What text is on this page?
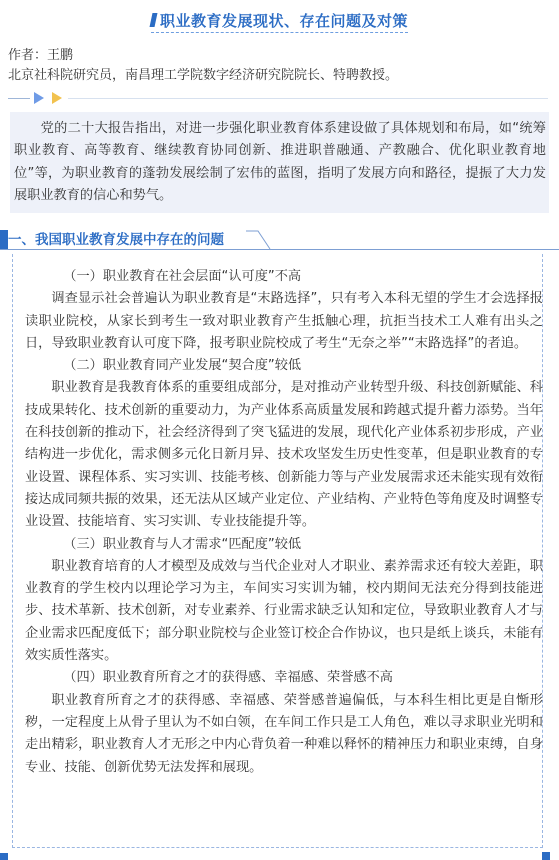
职业教育发展现状、存在问题及对策
作者：王鹏
北京社科院研究员，南昌理工学院数字经济研究院院长、特聘教授。
党的二十大报告指出，对进一步强化职业教育体系建设做了具体规划和布局，如“统筹职业教育、高等教育、继续教育协同创新、推进职普融通、产教融合、优化职业教育地位”等，为职业教育的蓬勃发展绘制了宏伟的蓝图，指明了发展方向和路径，提振了大力发展职业教育的信心和势气。
一、我国职业教育发展中存在的问题

（一）职业教育在社会层面“认可度”不高

调查显示社会普遍认为职业教育是“末路选择”，只有考入本科无望的学生才会选择报读职业院校，从家长到考生一致对职业教育产生抵触心理，抗拒当技术工人难有出头之日，导致职业教育认可度下降，报考职业院校成了考生“无奈之举”“末路选择”的者追。

（二）职业教育同产业发展“契合度”较低

职业教育是我教育体系的重要组成部分，是对推动产业转型升级、科技创新赋能、科技成果转化、技术创新的重要动力，为产业体系高质量发展和跨越式提升蓄力添势。当年在科技创新的推动下，社会经济得到了突飞猛进的发展，现代化产业体系初步形成，产业结构进一步优化，需求侧多元化日新月异、技术攻坚发生历史性变革，但是职业教育的专业设置、课程体系、实习实训、技能考核、创新能力等与产业发展需求还未能实现有效衔接达成同频共振的效果，还无法从区域产业定位、产业结构、产业特色等角度及时调整专业设置、技能培育、实习实训、专业技能提升等。

（三）职业教育与人才需求“匹配度”较低

职业教育培育的人才模型及成效与当代企业对人才职业、素养需求还有较大差距，职业教育的学生校内以理论学习为主，车间实习实训为辅，校内期间无法充分得到技能进步、技术革新、技术创新，对专业素养、行业需求缺乏认知和定位，导致职业教育人才与企业需求匹配度低下；部分职业院校与企业签订校企合作协议，也只是纸上谈兵，未能有效实质性落实。

（四）职业教育所育之才的获得感、幸福感、荣誉感不高

职业教育所育之才的获得感、幸福感、荣誉感普遍偏低，与本科生相比更是自惭形秽，一定程度上从骨子里认为不如白领，在车间工作只是工人角色，难以寻求职业光明和走出精彩，职业教育人才无形之中内心背负着一种难以释怀的精神压力和职业束缚，自身专业、技能、创新优势无法发挥和展现。
